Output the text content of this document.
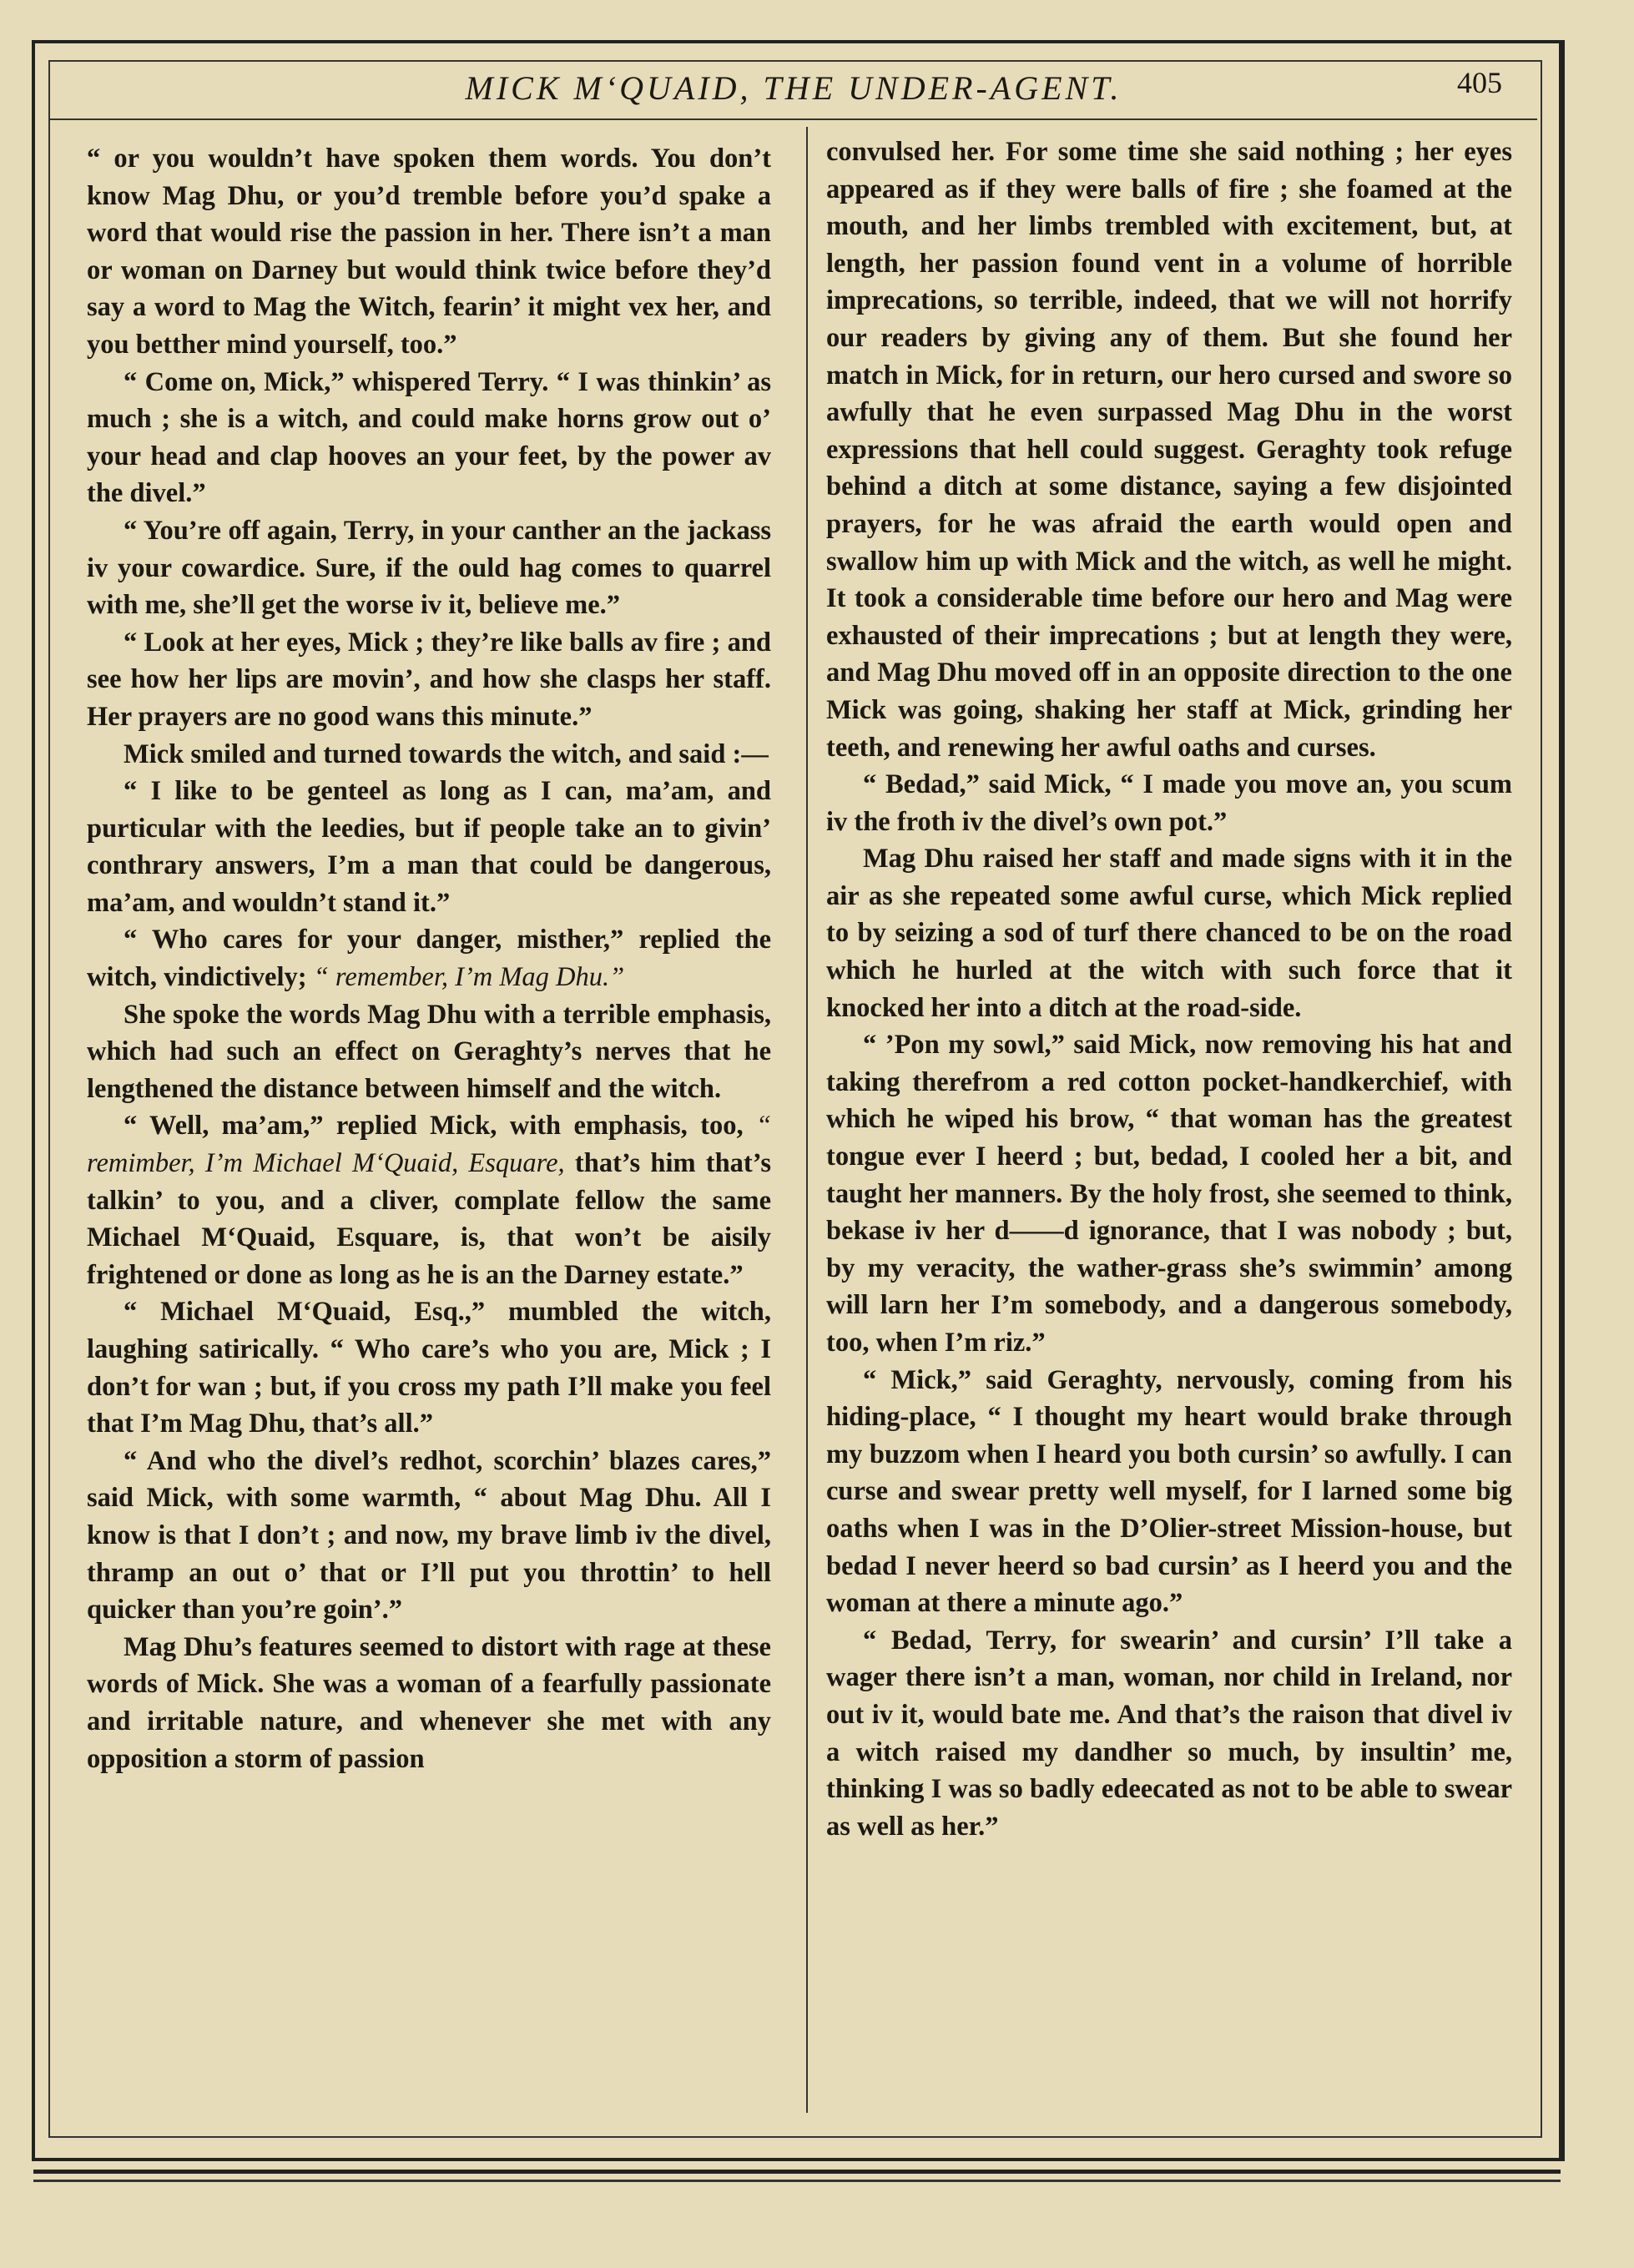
MICK M‘QUAID, THE UNDER-AGENT.	405

“ or you wouldn’t have spoken them words. You don’t know Mag Dhu, or you’d tremble before you’d spake a word that would rise the passion in her. There isn’t a man or woman on Darney but would think twice before they’d say a word to Mag the Witch, fearin’ it might vex her, and you betther mind yourself, too.”

“ Come on, Mick,” whispered Terry. “ I was thinkin’ as much ; she is a witch, and could make horns grow out o’ your head and clap hooves an your feet, by the power av the divel.”

“ You’re off again, Terry, in your canther an the jackass iv your cowardice. Sure, if the ould hag comes to quarrel with me, she’ll get the worse iv it, believe me.”

“ Look at her eyes, Mick ; they’re like balls av fire ; and see how her lips are movin’, and how she clasps her staff. Her prayers are no good wans this minute.”

Mick smiled and turned towards the witch, and said :—

“ I like to be genteel as long as I can, ma’am, and purticular with the leedies, but if people take an to givin’ conthrary answers, I’m a man that could be dangerous, ma’am, and wouldn’t stand it.”

“ Who cares for your danger, misther,” replied the witch, vindictively; “ remember, I’m Mag Dhu.”

She spoke the words Mag Dhu with a terrible emphasis, which had such an effect on Geraghty’s nerves that he lengthened the distance between himself and the witch.

“ Well, ma’am,” replied Mick, with emphasis, too, “ remimber, I’m Michael M‘Quaid, Esquare, that’s him that’s talkin’ to you, and a cliver, complate fellow the same Michael M‘Quaid, Esquare, is, that won’t be aisily frightened or done as long as he is an the Darney estate.”

“ Michael M‘Quaid, Esq.,” mumbled the witch, laughing satirically. “ Who care’s who you are, Mick ; I don’t for wan ; but, if you cross my path I’ll make you feel that I’m Mag Dhu, that’s all.”

“ And who the divel’s redhot, scorchin’ blazes cares,” said Mick, with some warmth, “ about Mag Dhu. All I know is that I don’t ; and now, my brave limb iv the divel, thramp an out o’ that or I’ll put you throttin’ to hell quicker than you’re goin’.”

Mag Dhu’s features seemed to distort with rage at these words of Mick. She was a woman of a fearfully passionate and irritable nature, and whenever she met with any opposition a storm of passion

convulsed her. For some time she said nothing ; her eyes appeared as if they were balls of fire ; she foamed at the mouth, and her limbs trembled with excitement, but, at length, her passion found vent in a volume of horrible imprecations, so terrible, indeed, that we will not horrify our readers by giving any of them. But she found her match in Mick, for in return, our hero cursed and swore so awfully that he even surpassed Mag Dhu in the worst expressions that hell could suggest. Geraghty took refuge behind a ditch at some distance, saying a few disjointed prayers, for he was afraid the earth would open and swallow him up with Mick and the witch, as well he might. It took a considerable time before our hero and Mag were exhausted of their imprecations ; but at length they were, and Mag Dhu moved off in an opposite direction to the one Mick was going, shaking her staff at Mick, grinding her teeth, and renewing her awful oaths and curses.

“ Bedad,” said Mick, “ I made you move an, you scum iv the froth iv the divel’s own pot.”

Mag Dhu raised her staff and made signs with it in the air as she repeated some awful curse, which Mick replied to by seizing a sod of turf there chanced to be on the road which he hurled at the witch with such force that it knocked her into a ditch at the road-side.

“ ’Pon my sowl,” said Mick, now removing his hat and taking therefrom a red cotton pocket-handkerchief, with which he wiped his brow, “ that woman has the greatest tongue ever I heerd ; but, bedad, I cooled her a bit, and taught her manners. By the holy frost, she seemed to think, bekase iv her d——d ignorance, that I was nobody ; but, by my veracity, the wather-grass she’s swimmin’ among will larn her I’m somebody, and a dangerous somebody, too, when I’m riz.”

“ Mick,” said Geraghty, nervously, coming from his hiding-place, “ I thought my heart would brake through my buzzom when I heard you both cursin’ so awfully. I can curse and swear pretty well myself, for I larned some big oaths when I was in the D’Olier-street Mission-house, but bedad I never heerd so bad cursin’ as I heerd you and the woman at there a minute ago.”

“ Bedad, Terry, for swearin’ and cursin’ I’ll take a wager there isn’t a man, woman, nor child in Ireland, nor out iv it, would bate me. And that’s the raison that divel iv a witch raised my dandher so much, by insultin’ me, thinking I was so badly edeecated as not to be able to swear as well as her.”
